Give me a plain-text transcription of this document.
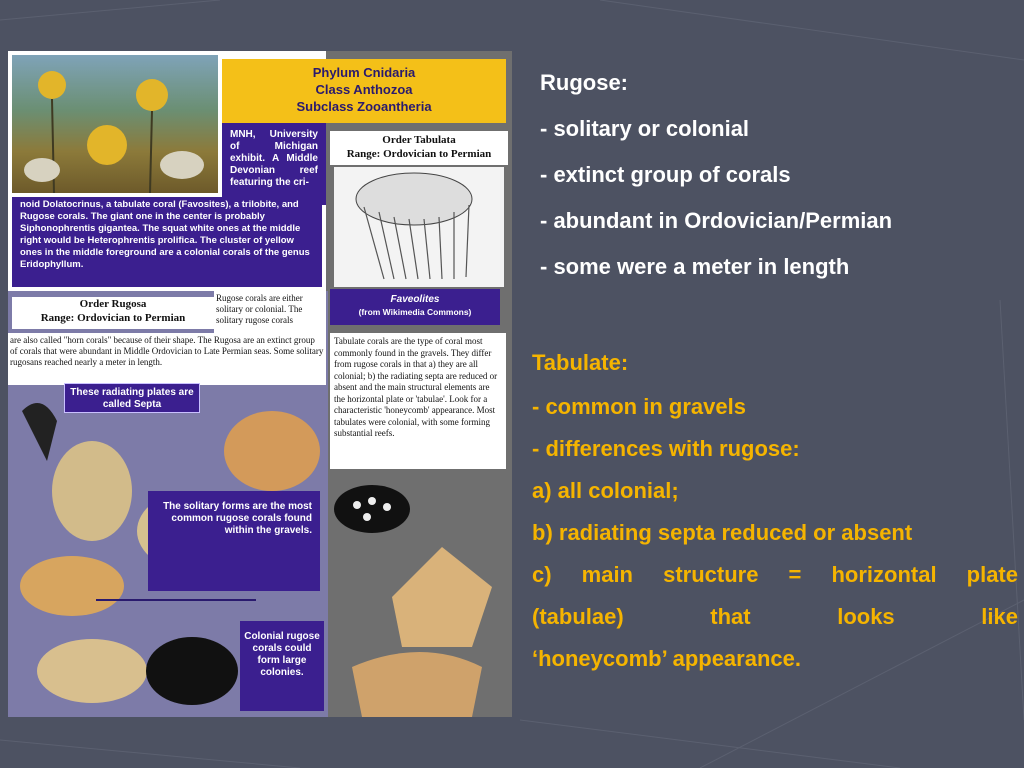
Phylum Cnidaria
Class Anthozoa
Subclass Zooantheria
MNH, University of Michigan exhibit. A Middle Devonian reef featuring the cri-
noid Dolatocrinus, a tabulate coral (Favosites), a trilobite, and Rugose corals. The giant one in the center is probably Siphonophrentis gigantea. The squat white ones at the middle right would be Heterophrentis prolifica. The cluster of yellow ones in the middle foreground are a colonial corals of the genus Eridophyllum.
Order Tabulata
Range: Ordovician to Permian
Faveolites
(from Wikimedia Commons)
Tabulate corals are the type of coral most commonly found in the gravels. They differ from rugose corals in that a) they are all colonial; b) the radiating septa are reduced or absent and the main structural elements are the horizontal plate or 'tabulae'. Look for a characteristic 'honeycomb' appearance. Most tabulates were colonial, with some forming substantial reefs.
Order Rugosa
Range: Ordovician to Permian
Rugose corals are either solitary or colonial. The solitary rugose corals
are also called "horn corals" because of their shape. The Rugosa are an extinct group of corals that were abundant in Middle Ordovician to Late Permian seas. Some solitary rugosans reached nearly a meter in length.
These radiating plates are called Septa
The solitary forms are the most common rugose corals found within the gravels.
Colonial rugose corals could form large colonies.
Rugose:
- solitary or colonial
- extinct group of corals
- abundant in Ordovician/Permian
- some were a meter in length
Tabulate:
- common in gravels
- differences with rugose:
a) all colonial;
b) radiating septa reduced or absent
c) main structure = horizontal plate
(tabulae)	that	looks	like
‘honeycomb’ appearance.
